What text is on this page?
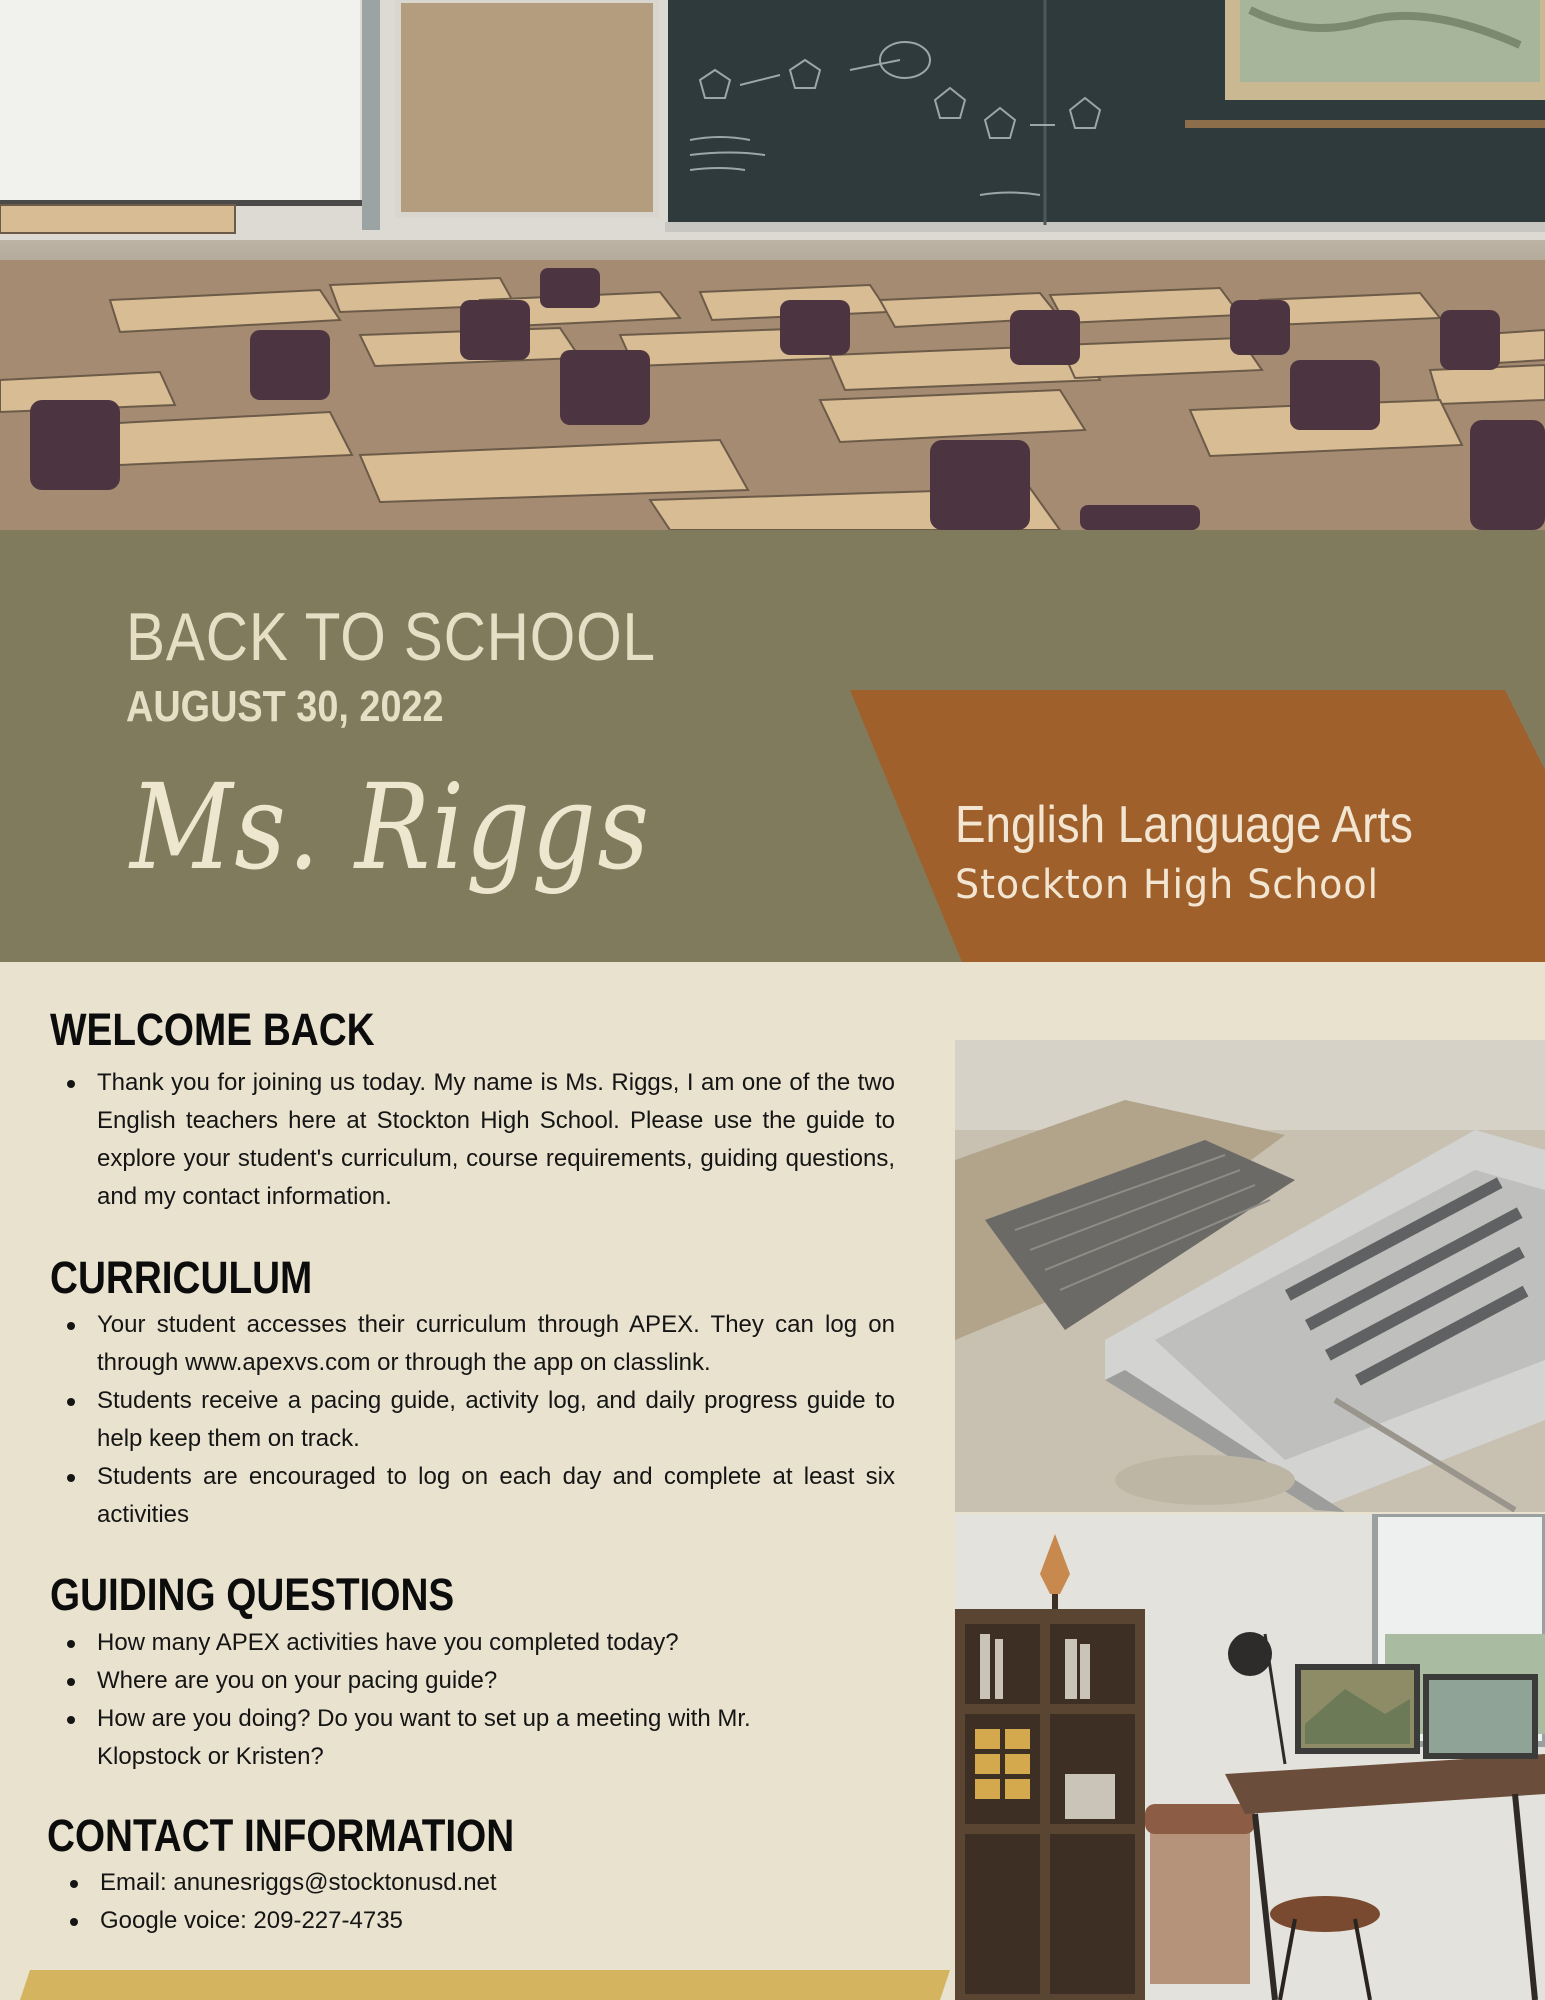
BACK TO SCHOOL
AUGUST 30, 2022
Ms. Riggs	English Language Arts
Stockton High School
WELCOME BACK
Thank you for joining us today. My name is Ms. Riggs, I am one of the two English teachers here at Stockton High School. Please use the guide to explore your student's curriculum, course requirements, guiding questions, and my contact information.
CURRICULUM
Your student accesses their curriculum through APEX. They can log on through www.apexvs.com or through the app on classlink.
Students receive a pacing guide, activity log, and daily progress guide to help keep them on track.
Students are encouraged to log on each day and complete at least six activities
GUIDING QUESTIONS
How many APEX activities have you completed today?
Where are you on your pacing guide?
How are you doing? Do you want to set up a meeting with Mr. Klopstock or Kristen?
CONTACT INFORMATION
Email: anunesriggs@stocktonusd.net
Google voice: 209-227-4735
